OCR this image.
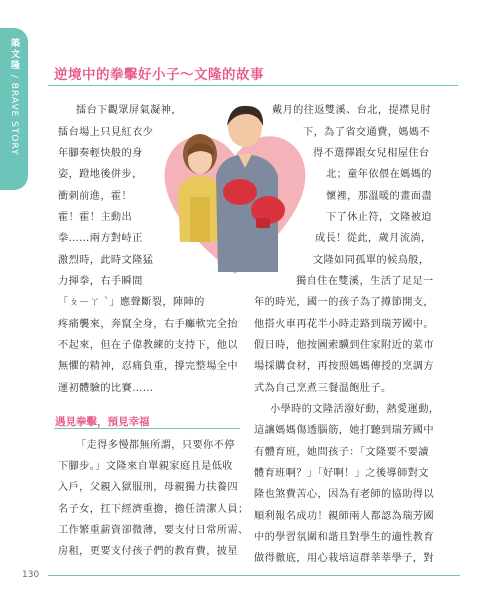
築文隆 / BRAVE STORY
逆境中的拳擊好小子～文隆的故事
擂台下觀眾屏氣凝神，
擂台場上只見紅衣少
年腳奏輕快般的身
姿，蹬地後併步，
衝刺前進，霍！
霍！霍！主動出
拳……兩方對峙正
激烈時，此時文隆猛
力揮拳，右手瞬間
「ㄆ－ㄚ ˋ」應聲斷裂，陣陣的
疼痛襲來，奔竄全身，右手癱軟完全抬
不起來，但在子偉教練的支持下，他以
無懼的精神，忍痛負重，撐完整場全中
運初體驗的比賽……
遇見拳擊，預見幸福
「走得多慢都無所謂，只要你不停
下腳步。」文隆來自單親家庭且是低收
入戶，父親入獄服刑，母親獨力扶養四
名子女，扛下經濟重擔，擔任清潔人員；
工作繁重薪資卻微薄，要支付日常所需、
房租，更要支付孩子們的教育費，披星
戴月的往返雙溪、台北，提襟見肘
下，為了省交通費，媽媽不
得不選擇跟女兒相屋住台
北；童年依偎在媽媽的
懷裡，那溫暖的畫面盡
下了休止符，文隆被迫
成長！從此，歲月流淌，
文隆如同孤單的候鳥般，
獨自住在雙溪，生活了足足一
年的時光，國一的孩子為了撙節開支，
他搭火車再花半小時走路到瑞芳國中。
假日時，他按圖索驥到住家附近的菜市
場採購食材，再按照媽媽傳授的烹調方
式為自己烹煮三餐温飽肚子。
小學時的文隆活潑好動，熱愛運動，
這讓媽媽傷透腦筋，她打聽到瑞芳國中
有體育班，她問孩子：「文隆要不要讀
體育班啊？」「好啊！」之後導師對文
隆也煞費苦心，因為有老師的協助得以
順利報名成功！親師兩人都認為瑞芳國
中的學習氛圍和諧且對學生的適性教育
做得徹底，用心栽培這群莘莘學子，對
130
